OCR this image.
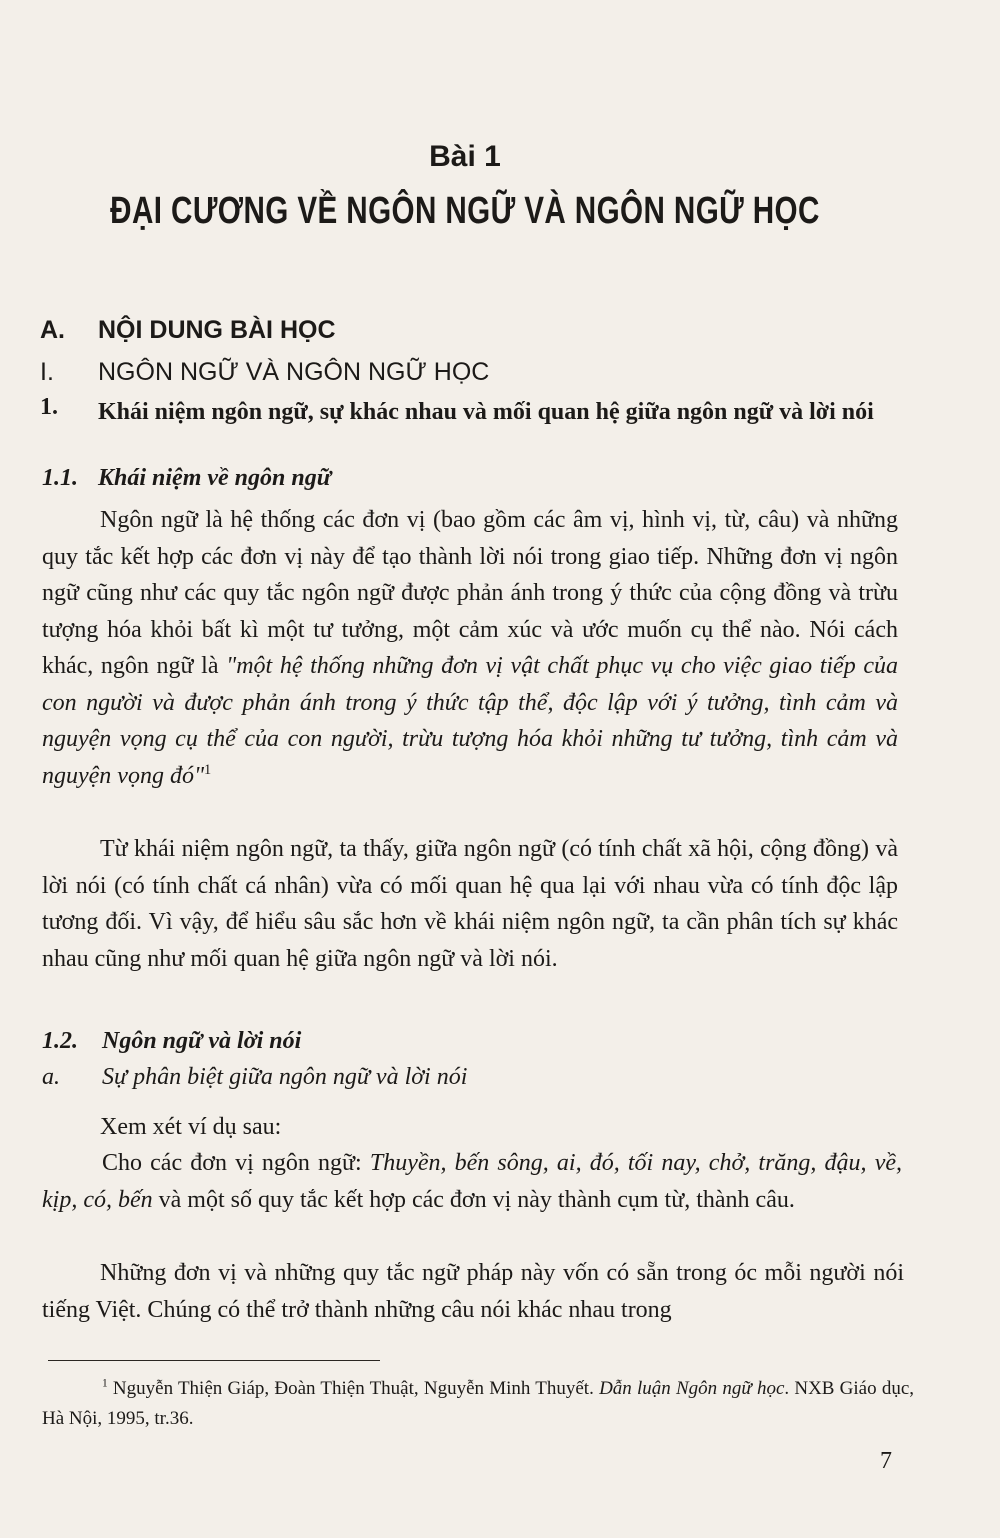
Bài 1
ĐẠI CƯƠNG VỀ NGÔN NGỮ VÀ NGÔN NGỮ HỌC
A. NỘI DUNG BÀI HỌC
I. NGÔN NGỮ VÀ NGÔN NGỮ HỌC
1. Khái niệm ngôn ngữ, sự khác nhau và mối quan hệ giữa ngôn ngữ và lời nói
1.1. Khái niệm về ngôn ngữ

Ngôn ngữ là hệ thống các đơn vị (bao gồm các âm vị, hình vị, từ, câu) và những quy tắc kết hợp các đơn vị này để tạo thành lời nói trong giao tiếp. Những đơn vị ngôn ngữ cũng như các quy tắc ngôn ngữ được phản ánh trong ý thức của cộng đồng và trừu tượng hóa khỏi bất kì một tư tưởng, một cảm xúc và ước muốn cụ thể nào. Nói cách khác, ngôn ngữ là "một hệ thống những đơn vị vật chất phục vụ cho việc giao tiếp của con người và được phản ánh trong ý thức tập thể, độc lập với ý tưởng, tình cảm và nguyện vọng cụ thể của con người, trừu tượng hóa khỏi những tư tưởng, tình cảm và nguyện vọng đó"$^1$

Từ khái niệm ngôn ngữ, ta thấy, giữa ngôn ngữ (có tính chất xã hội, cộng đồng) và lời nói (có tính chất cá nhân) vừa có mối quan hệ qua lại với nhau vừa có tính độc lập tương đối. Vì vậy, để hiểu sâu sắc hơn về khái niệm ngôn ngữ, ta cần phân tích sự khác nhau cũng như mối quan hệ giữa ngôn ngữ và lời nói.

1.2. Ngôn ngữ và lời nói
a. Sự phân biệt giữa ngôn ngữ và lời nói

Xem xét ví dụ sau:

Cho các đơn vị ngôn ngữ: Thuyền, bến sông, ai, đó, tối nay, chở, trăng, đậu, về, kịp, có, bến và một số quy tắc kết hợp các đơn vị này thành cụm từ, thành câu.

Những đơn vị và những quy tắc ngữ pháp này vốn có sẵn trong óc mỗi người nói tiếng Việt. Chúng có thể trở thành những câu nói khác nhau trong

$^1$ Nguyễn Thiện Giáp, Đoàn Thiện Thuật, Nguyễn Minh Thuyết. Dẫn luận Ngôn ngữ học. NXB Giáo dục, Hà Nội, 1995, tr.36.

7
